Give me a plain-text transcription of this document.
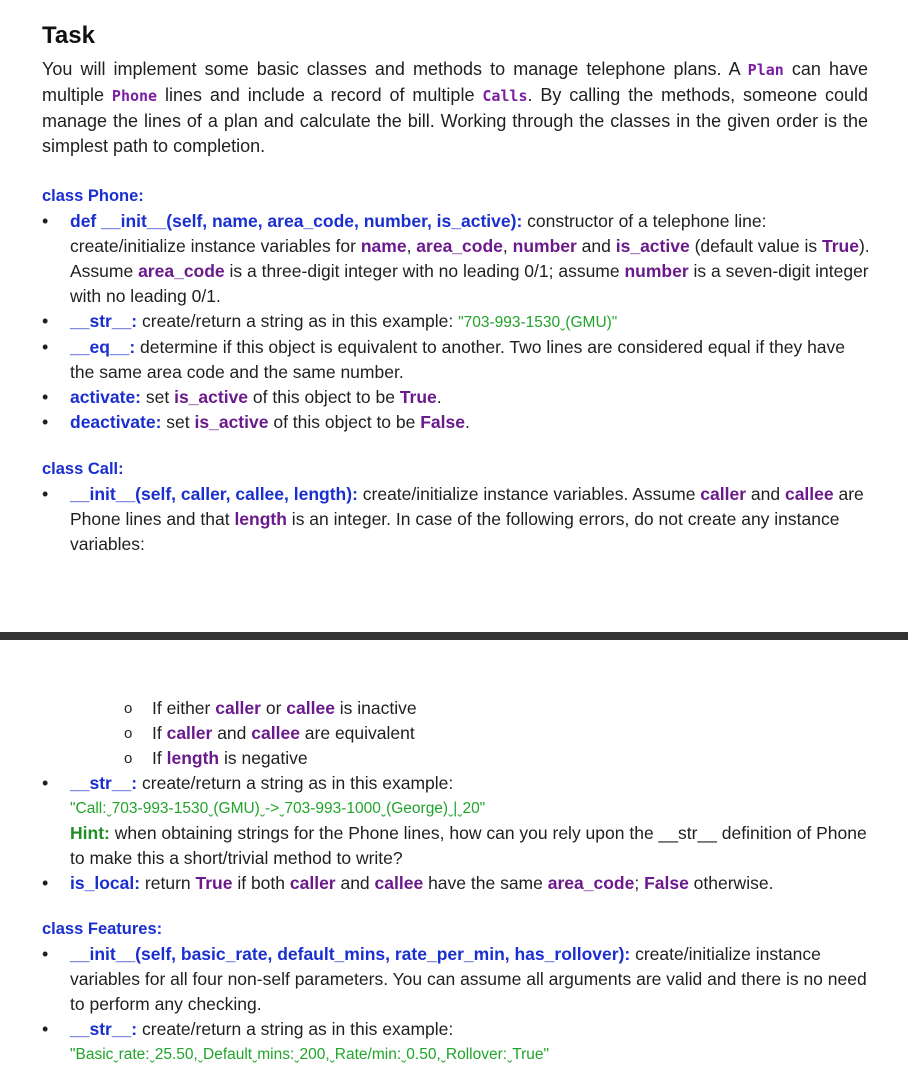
Task

You will implement some basic classes and methods to manage telephone plans. A Plan can have multiple Phone lines and include a record of multiple Calls. By calling the methods, someone could manage the lines of a plan and calculate the bill. Working through the classes in the given order is the simplest path to completion.

class Phone:
• def __init__(self, name, area_code, number, is_active): constructor of a telephone line: create/initialize instance variables for name, area_code, number and is_active (default value is True). Assume area_code is a three-digit integer with no leading 0/1; assume number is a seven-digit integer with no leading 0/1.
• __str__: create/return a string as in this example: "703-993-1530ˬ(GMU)"
• __eq__: determine if this object is equivalent to another. Two lines are considered equal if they have the same area code and the same number.
• activate: set is_active of this object to be True.
• deactivate: set is_active of this object to be False.
class Call:
• __init__(self, caller, callee, length): create/initialize instance variables. Assume caller and callee are Phone lines and that length is an integer. In case of the following errors, do not create any instance variables:
o If either caller or callee is inactive
o If caller and callee are equivalent
o If length is negative
• __str__: create/return a string as in this example:
"Call:ˬ703-993-1530ˬ(GMU)ˬ->ˬ703-993-1000ˬ(George)ˬ|ˬ20"
Hint: when obtaining strings for the Phone lines, how can you rely upon the __str__ definition of Phone to make this a short/trivial method to write?
• is_local: return True if both caller and callee have the same area_code; False otherwise.
class Features:
• __init__(self, basic_rate, default_mins, rate_per_min, has_rollover): create/initialize instance variables for all four non-self parameters. You can assume all arguments are valid and there is no need to perform any checking.
• __str__: create/return a string as in this example:
"Basicˬrate:ˬ25.50,ˬDefaultˬmins:ˬ200,ˬRate/min:ˬ0.50,ˬRollover:ˬTrue"
